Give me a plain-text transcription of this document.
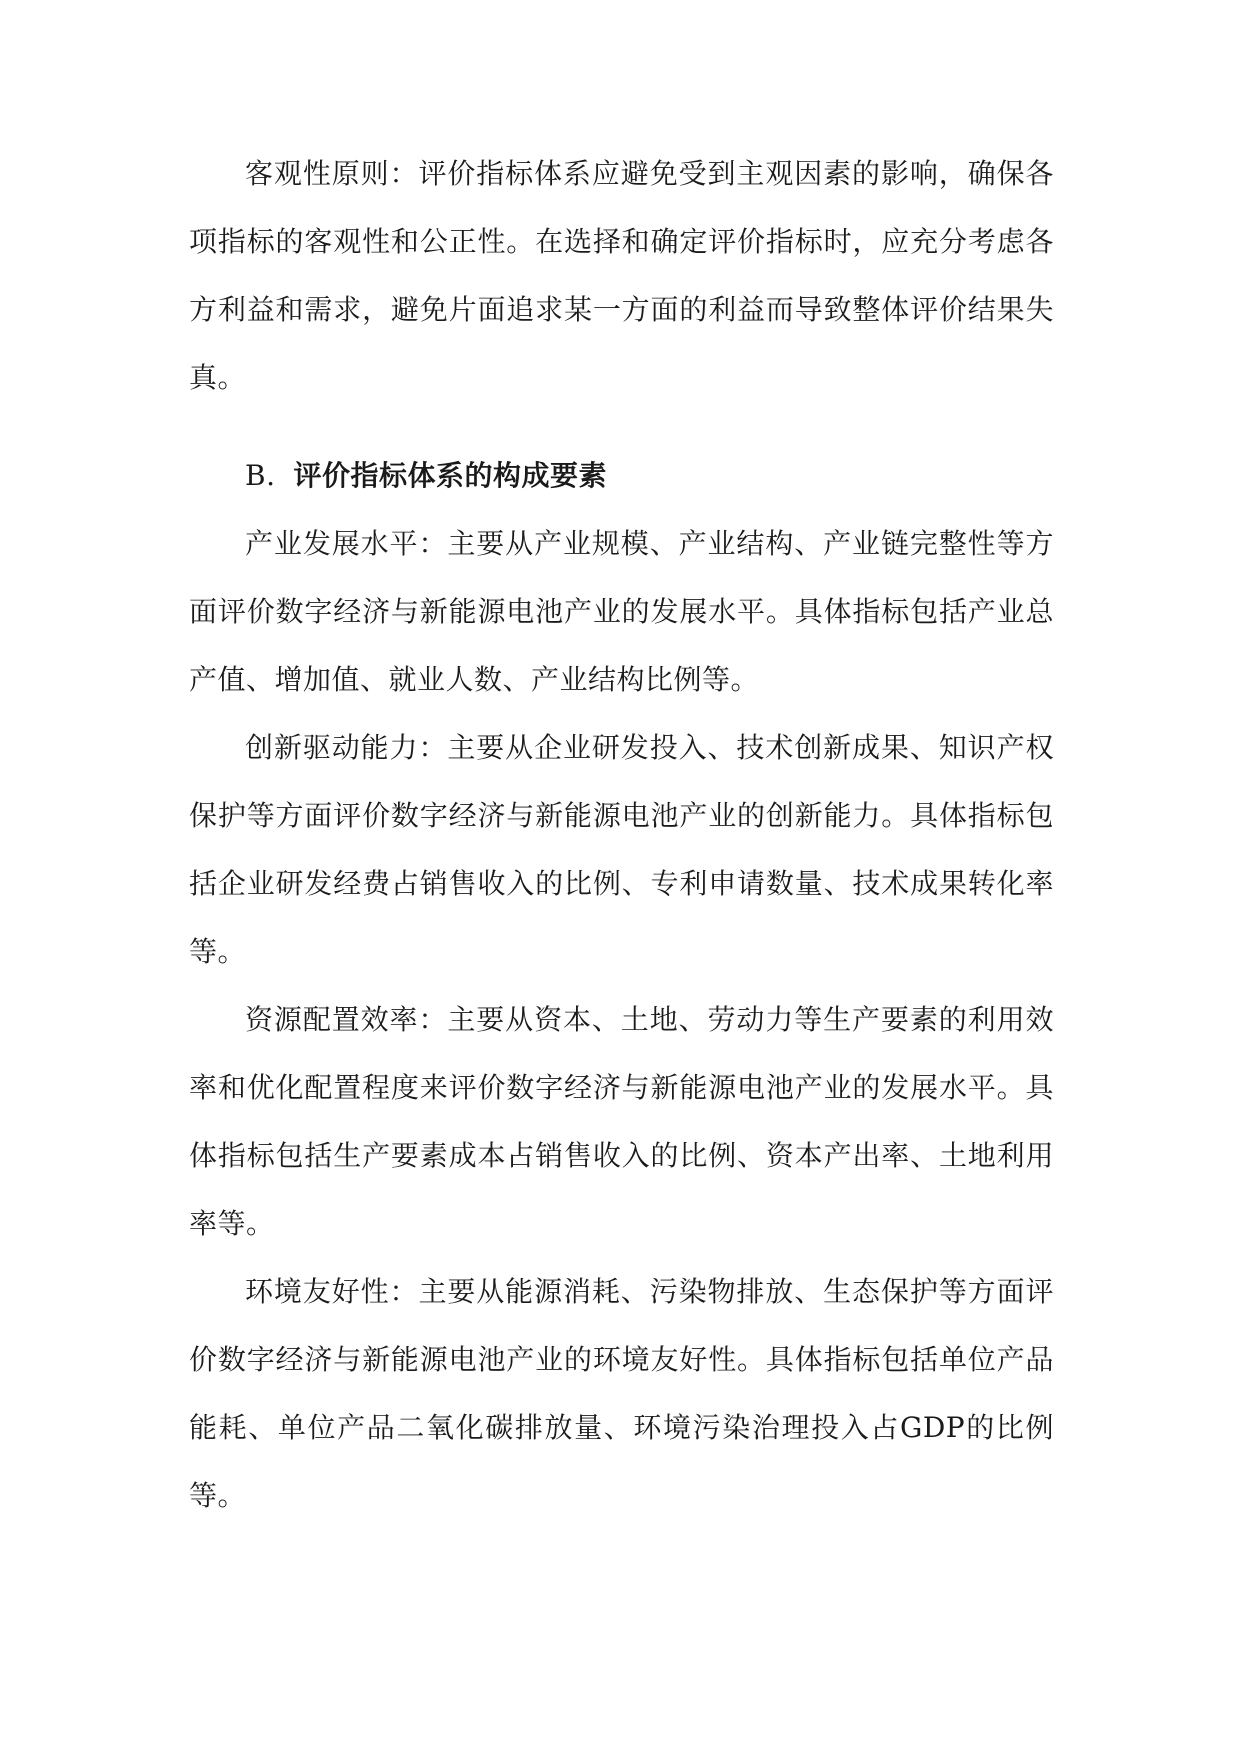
客观性原则：评价指标体系应避免受到主观因素的影响，确保各项指标的客观性和公正性。在选择和确定评价指标时，应充分考虑各方利益和需求，避免片面追求某一方面的利益而导致整体评价结果失真。

B. 评价指标体系的构成要素

产业发展水平：主要从产业规模、产业结构、产业链完整性等方面评价数字经济与新能源电池产业的发展水平。具体指标包括产业总产值、增加值、就业人数、产业结构比例等。

创新驱动能力：主要从企业研发投入、技术创新成果、知识产权保护等方面评价数字经济与新能源电池产业的创新能力。具体指标包括企业研发经费占销售收入的比例、专利申请数量、技术成果转化率等。

资源配置效率：主要从资本、土地、劳动力等生产要素的利用效率和优化配置程度来评价数字经济与新能源电池产业的发展水平。具体指标包括生产要素成本占销售收入的比例、资本产出率、土地利用率等。

环境友好性：主要从能源消耗、污染物排放、生态保护等方面评价数字经济与新能源电池产业的环境友好性。具体指标包括单位产品能耗、单位产品二氧化碳排放量、环境污染治理投入占GDP的比例等。
